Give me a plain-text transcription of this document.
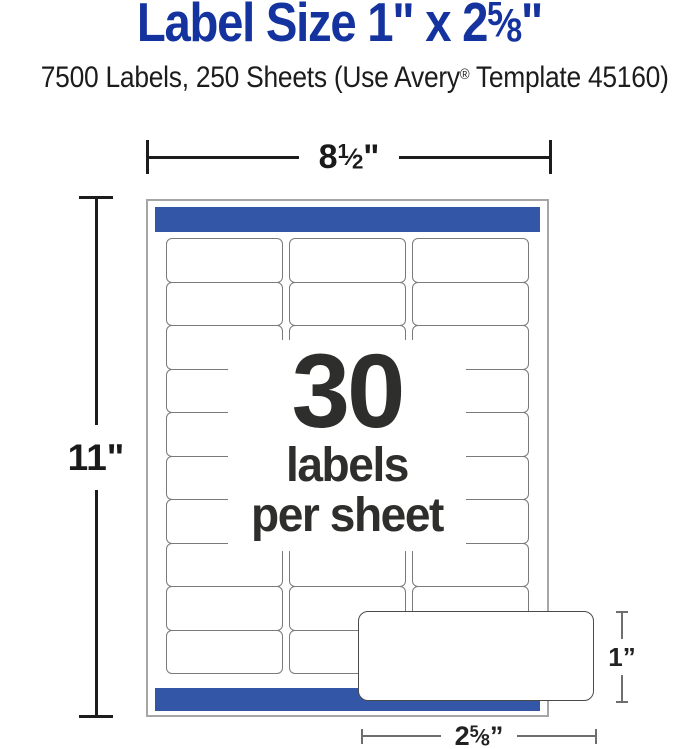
Label Size 1" x $2^5⁄8$"
7500 Labels, 250 Sheets (Use Avery® Template 45160)
$8^1⁄2$"
11"
30
labels
per sheet
1”
$2^5⁄8$”
